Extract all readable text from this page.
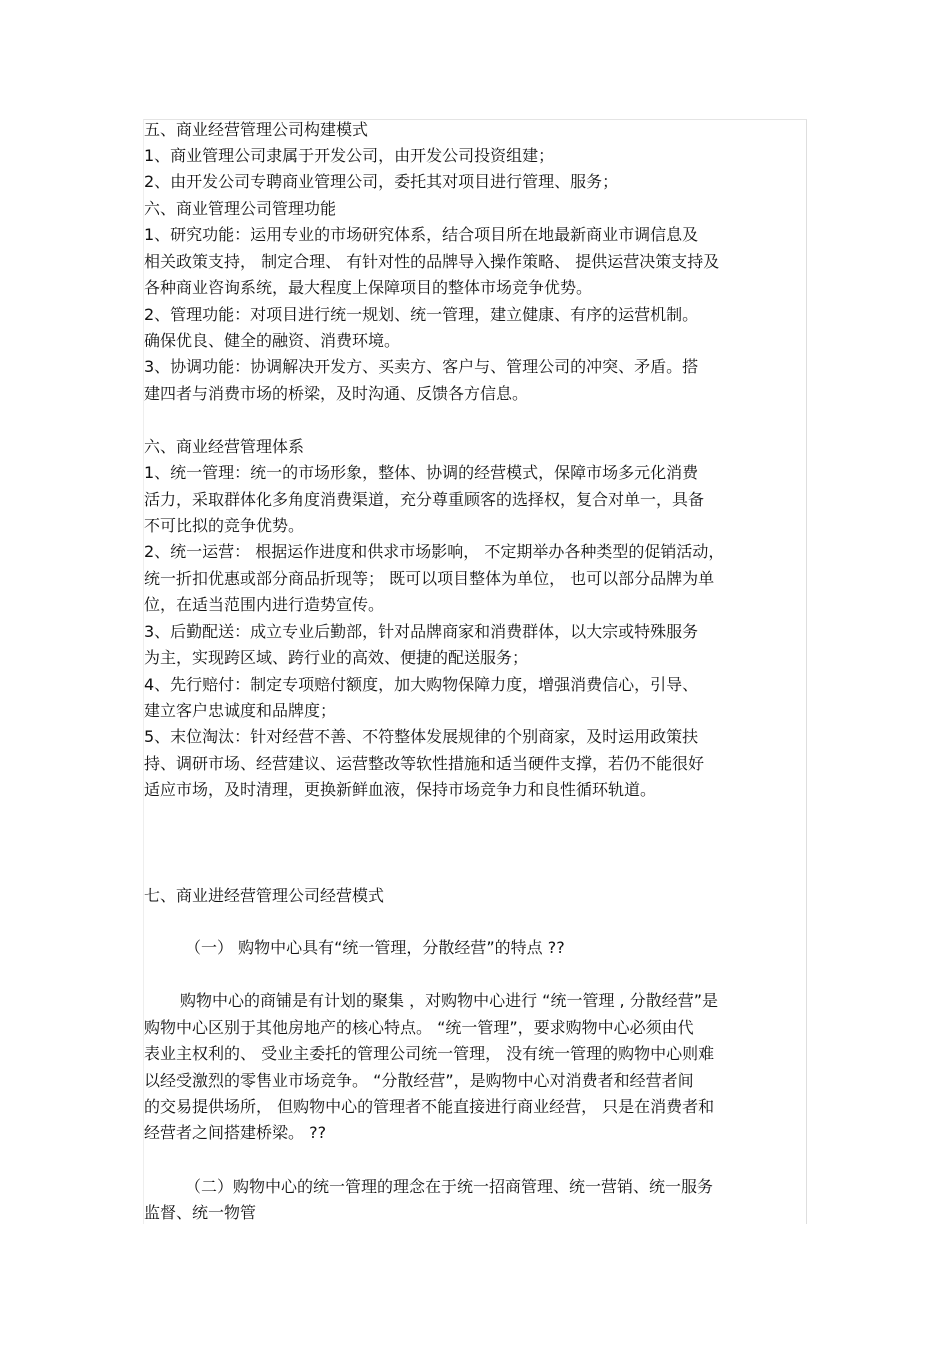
五、商业经营管理公司构建模式
1、商业管理公司隶属于开发公司，由开发公司投资组建；
2、由开发公司专聘商业管理公司，委托其对项目进行管理、服务；
六、商业管理公司管理功能
1、研究功能：运用专业的市场研究体系，结合项目所在地最新商业市调信息及
相关政策支持， 制定合理、 有针对性的品牌导入操作策略、 提供运营决策支持及
各种商业咨询系统，最大程度上保障项目的整体市场竞争优势。
2、管理功能：对项目进行统一规划、统一管理，建立健康、有序的运营机制。
确保优良、健全的融资、消费环境。
3、协调功能：协调解决开发方、买卖方、客户与、管理公司的冲突、矛盾。搭
建四者与消费市场的桥梁，及时沟通、反馈各方信息。
六、商业经营管理体系
1、统一管理：统一的市场形象，整体、协调的经营模式，保障市场多元化消费
活力，采取群体化多角度消费渠道，充分尊重顾客的选择权，复合对单一，具备
不可比拟的竞争优势。
2、统一运营： 根据运作进度和供求市场影响， 不定期举办各种类型的促销活动，
统一折扣优惠或部分商品折现等； 既可以项目整体为单位， 也可以部分品牌为单
位，在适当范围内进行造势宣传。
3、后勤配送：成立专业后勤部，针对品牌商家和消费群体，以大宗或特殊服务
为主，实现跨区域、跨行业的高效、便捷的配送服务；
4、先行赔付：制定专项赔付额度，加大购物保障力度，增强消费信心，引导、
建立客户忠诚度和品牌度；
5、末位淘汰：针对经营不善、不符整体发展规律的个别商家，及时运用政策扶
持、调研市场、经营建议、运营整改等软性措施和适当硬件支撑，若仍不能很好
适应市场，及时清理，更换新鲜血液，保持市场竞争力和良性循环轨道。
七、商业进经营管理公司经营模式
（一） 购物中心具有“统一管理，分散经营”的特点 ??
购物中心的商铺是有计划的聚集 ，对购物中心进行 “统一管理 , 分散经营”是
购物中心区别于其他房地产的核心特点。 “统一管理”，要求购物中心必须由代
表业主权利的、 受业主委托的管理公司统一管理， 没有统一管理的购物中心则难
以经受激烈的零售业市场竞争。 “分散经营”，是购物中心对消费者和经营者间
的交易提供场所， 但购物中心的管理者不能直接进行商业经营， 只是在消费者和
经营者之间搭建桥梁。 ??
（二）购物中心的统一管理的理念在于统一招商管理、统一营销、统一服务
监督、统一物管
